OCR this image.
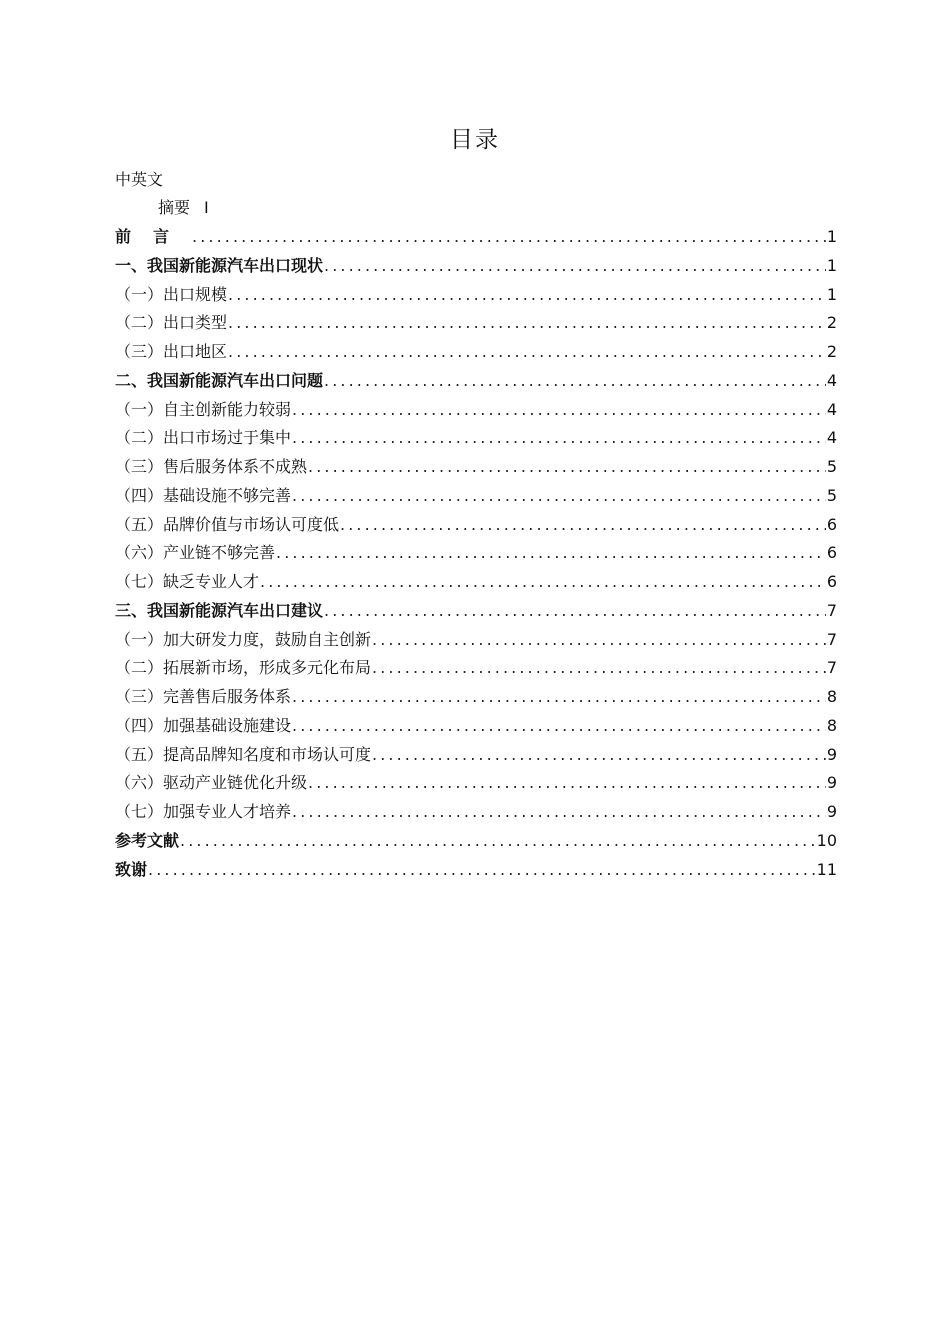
目录
中英文
摘要 I
前言 .....	1
一、我国新能源汽车出口现状 .....	1
（一）出口规模 .....	1
（二）出口类型 .....	2
（三）出口地区 .....	2
二、我国新能源汽车出口问题 .....	4
（一）自主创新能力较弱 .....	4
（二）出口市场过于集中 .....	4
（三）售后服务体系不成熟 .....	5
（四）基础设施不够完善 .....	5
（五）品牌价值与市场认可度低 .....	6
（六）产业链不够完善 .....	6
（七）缺乏专业人才 .....	6
三、我国新能源汽车出口建议 .....	7
（一）加大研发力度，鼓励自主创新 .....	7
（二）拓展新市场，形成多元化布局 .....	7
（三）完善售后服务体系 .....	8
（四）加强基础设施建设 .....	8
（五）提高品牌知名度和市场认可度 .....	9
（六）驱动产业链优化升级 .....	9
（七）加强专业人才培养 .....	9
参考文献 .....	10
致谢 .....	11
